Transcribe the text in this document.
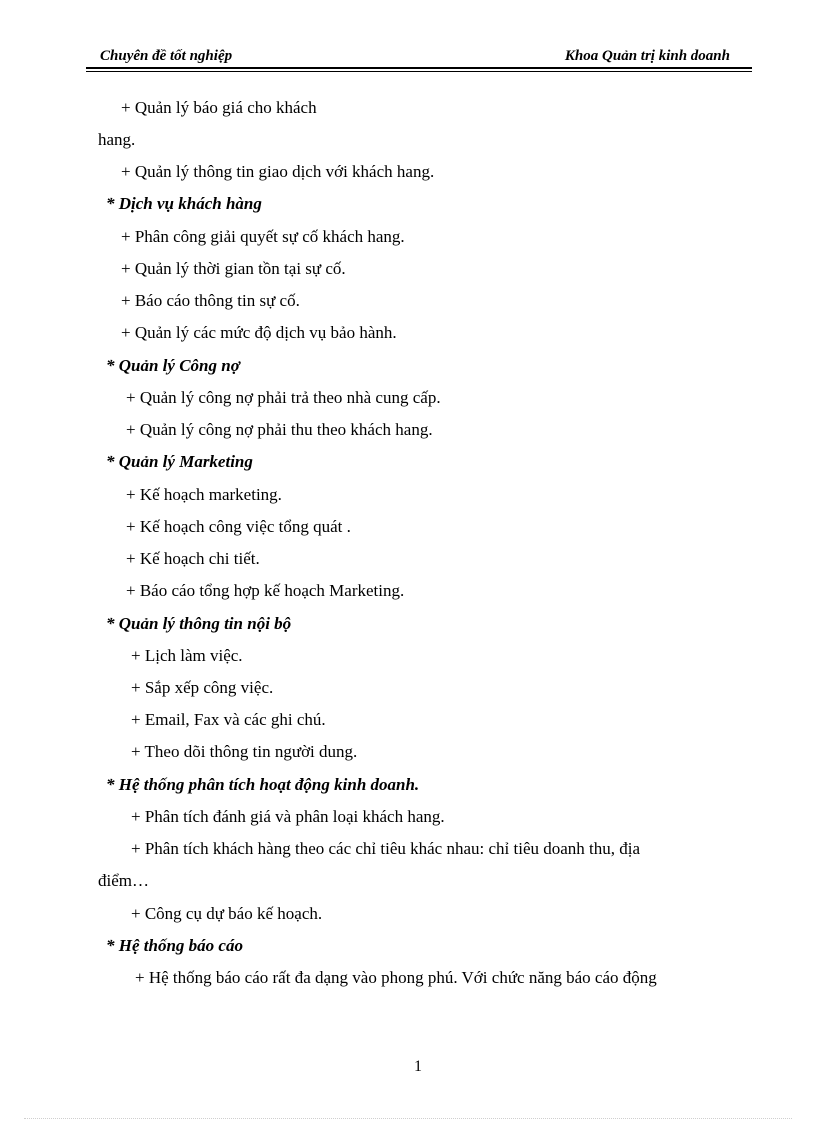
Chuyên đề tốt nghiệp	Khoa Quản trị kinh doanh
+ Quản lý báo giá cho khách
hang.
+ Quản lý thông tin giao dịch với khách hang.
* Dịch vụ khách hàng
+ Phân công giải quyết sự cố khách hang.
+ Quản lý thời gian tồn tại sự cố.
+ Báo cáo thông tin sự cố.
+ Quản lý các mức độ dịch vụ bảo hành.
* Quản lý Công nợ
+ Quản lý công nợ phải trả theo nhà cung cấp.
+ Quản lý công nợ phải thu theo khách hang.
* Quản lý Marketing
+ Kế hoạch marketing.
+ Kế hoạch công việc tổng quát .
+ Kế hoạch chi tiết.
+ Báo cáo tổng hợp kế hoạch Marketing.
* Quản lý thông tin nội bộ
+ Lịch làm việc.
+ Sắp xếp công việc.
+ Email, Fax và các ghi chú.
+ Theo dõi thông tin người dung.
* Hệ thống phân tích hoạt động kinh doanh.
+ Phân tích đánh giá và phân loại khách hang.
+ Phân tích khách hàng theo các chỉ tiêu khác nhau: chỉ tiêu doanh thu, địa
điểm…
+ Công cụ dự báo kế hoạch.
* Hệ thống báo cáo
+ Hệ thống báo cáo rất đa dạng vào phong phú. Với chức năng báo cáo động
1
